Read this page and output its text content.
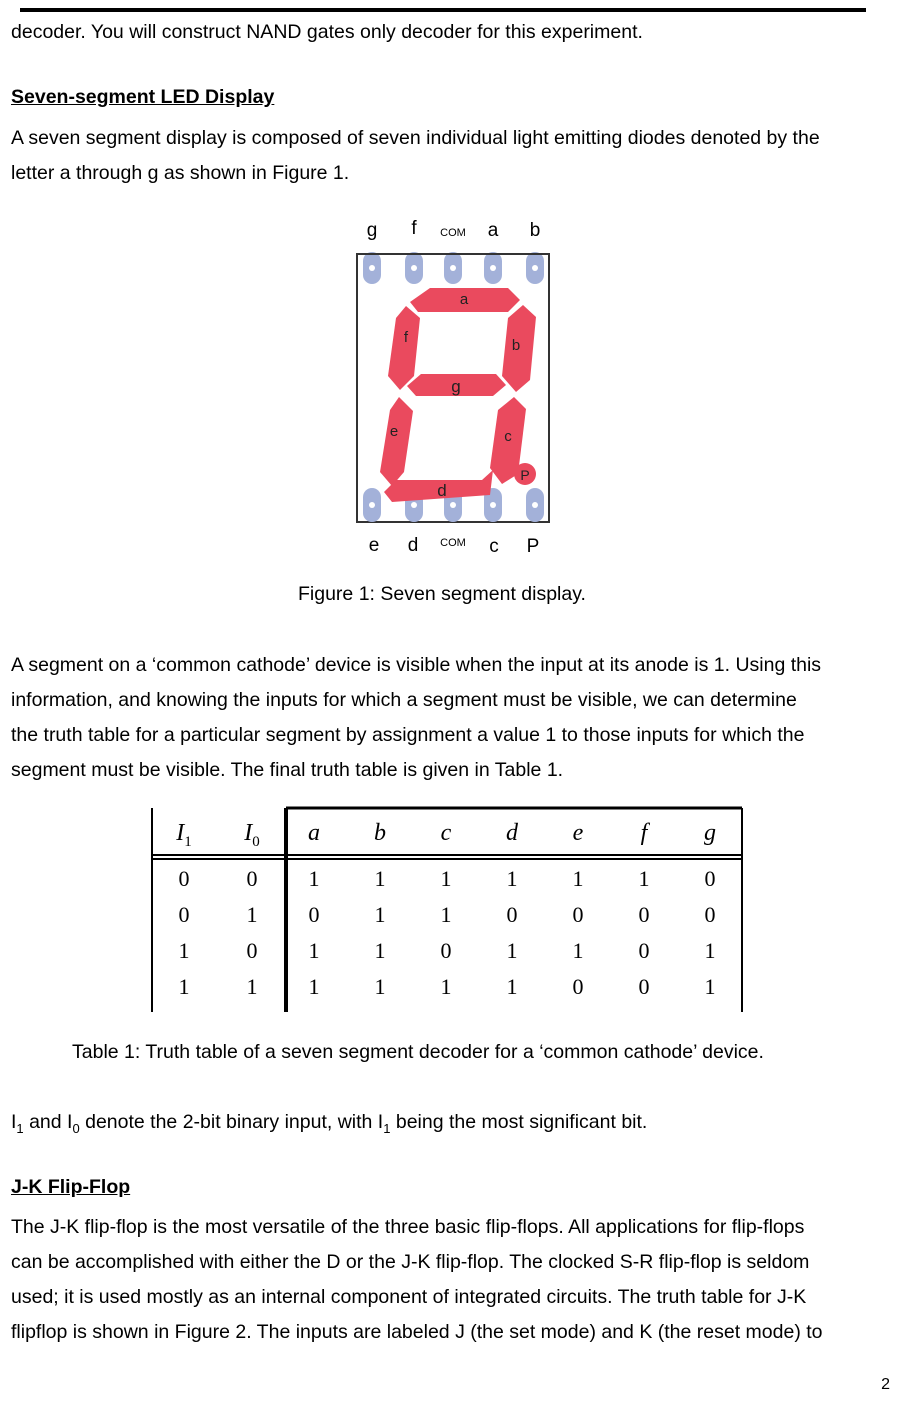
decoder. You will construct NAND gates only decoder for this experiment.

Seven-segment LED Display

A seven segment display is composed of seven individual light emitting diodes denoted by the

letter a through g as shown in Figure 1.

g f COM a b
a
b
c
d
e
f
g
P
e d COM c P

Figure 1: Seven segment display.

A segment on a ‘common cathode’ device is visible when the input at its anode is 1. Using this

information, and knowing the inputs for which a segment must be visible, we can determine

the truth table for a particular segment by assignment a value 1 to those inputs for which the

segment must be visible. The final truth table is given in Table 1.

$I_1$ $I_0$ a b c d e f g
0	0 1	1	1	1	1	1	0
0	1 0	1	1	0	0	0	0
1	0 1	1	0	1	1	0	1
1	1 1	1	1	1	0	0	1

Table 1: Truth table of a seven segment decoder for a ‘common cathode’ device.

$I_1$ and $I_0$ denote the 2-bit binary input, with $I_1$ being the most significant bit.

J-K Flip-Flop

The J-K flip-flop is the most versatile of the three basic flip-flops. All applications for flip-flops

can be accomplished with either the D or the J-K flip-flop. The clocked S-R flip-flop is seldom

used; it is used mostly as an internal component of integrated circuits. The truth table for J-K

flipflop is shown in Figure 2. The inputs are labeled J (the set mode) and K (the reset mode) to

2
